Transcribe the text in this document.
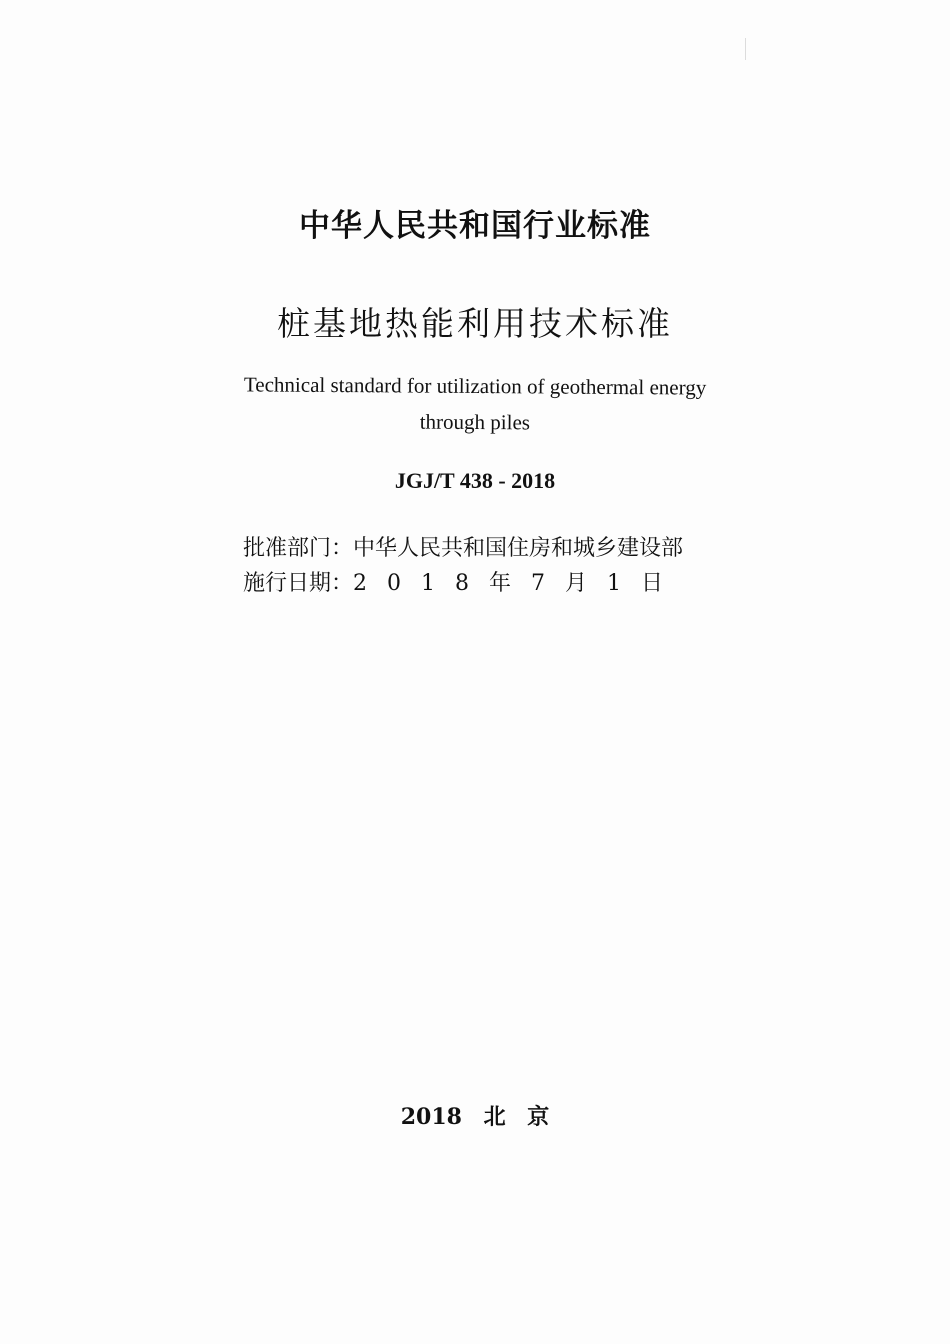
中华人民共和国行业标准
桩基地热能利用技术标准
Technical standard for utilization of geothermal energy
through piles
JGJ/T 438 - 2018
批准部门：中华人民共和国住房和城乡建设部
施行日期：2018年7月1日
2018 北 京
